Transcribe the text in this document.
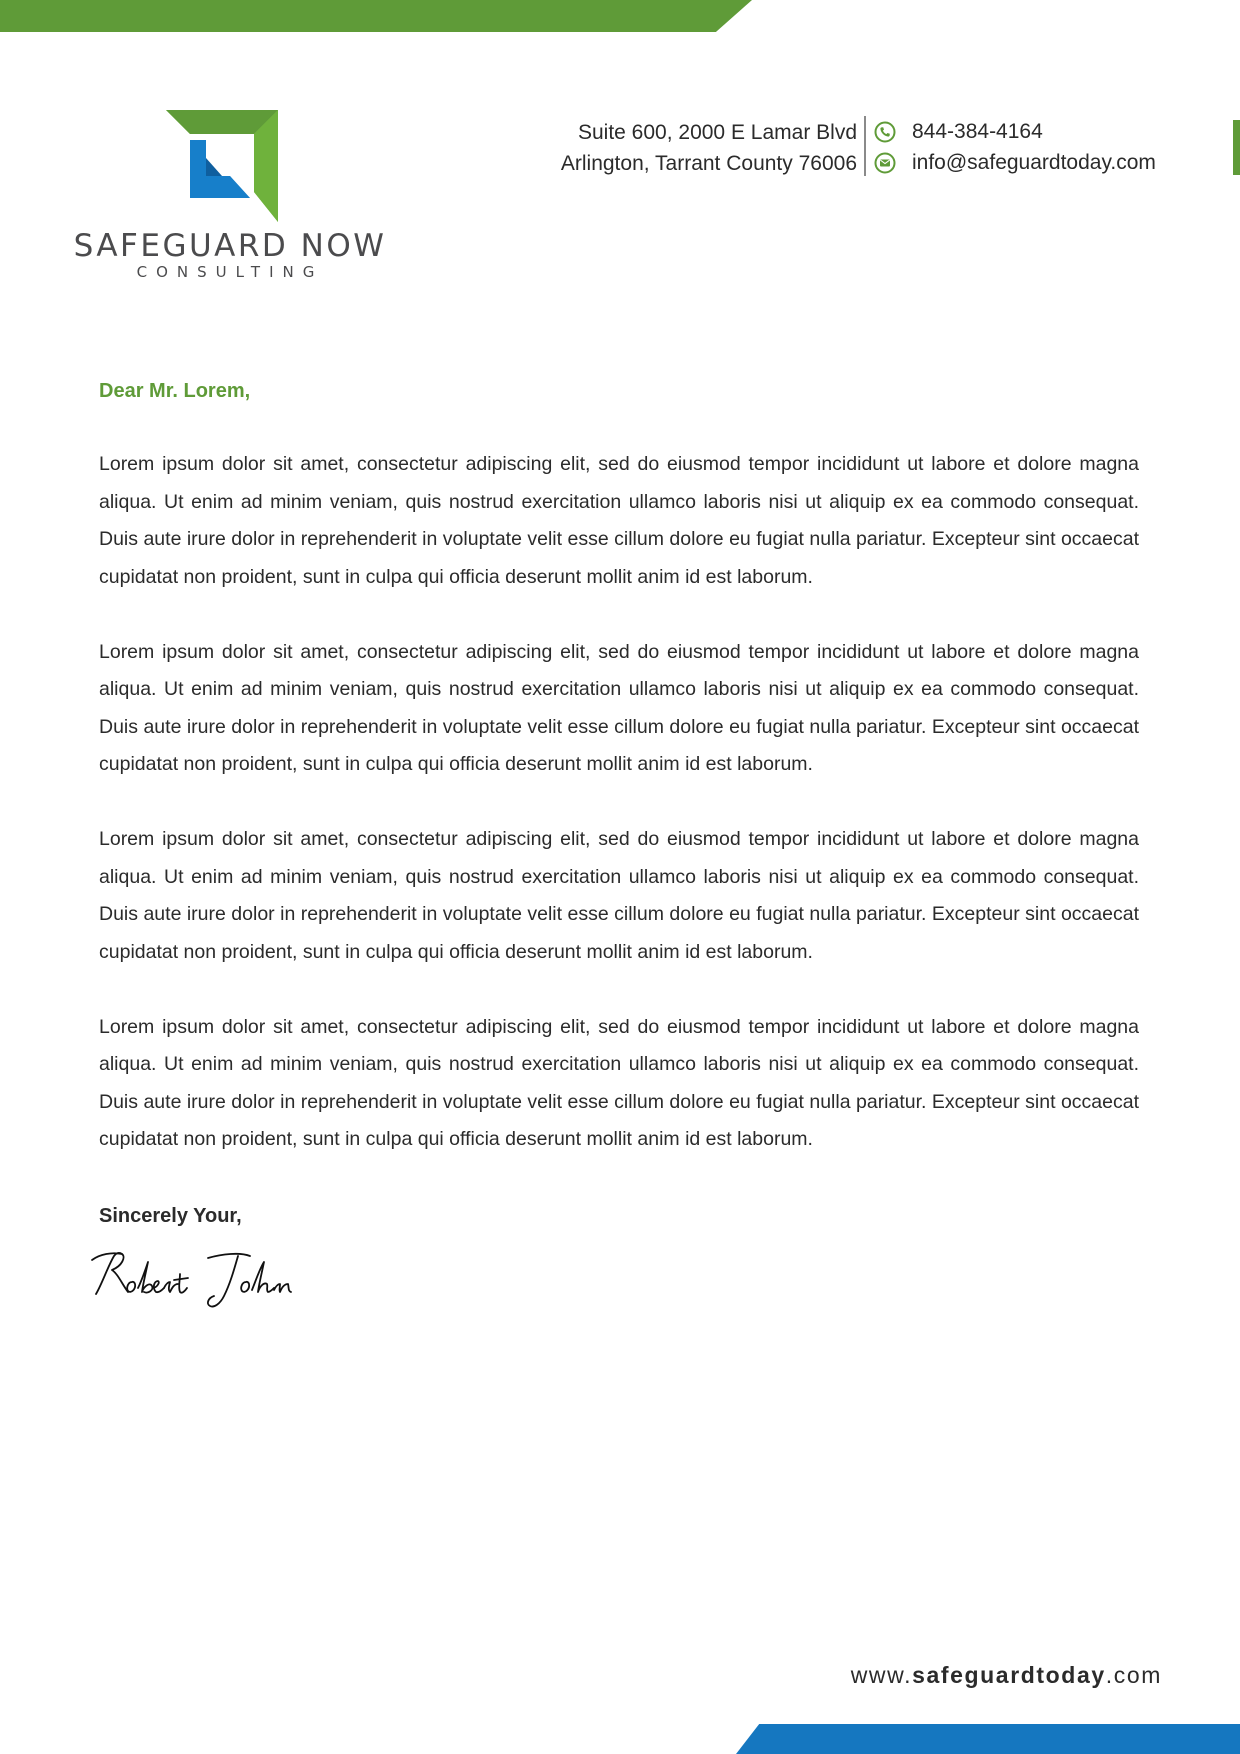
SAFEGUARD NOW
CONSULTING
Suite 600, 2000 E Lamar Blvd
Arlington, Tarrant County 76006
844-384-4164
info@safeguardtoday.com
Dear Mr. Lorem,

Lorem ipsum dolor sit amet, consectetur adipiscing elit, sed do eiusmod tempor incididunt ut labore et dolore magna aliqua. Ut enim ad minim veniam, quis nostrud exercitation ullamco laboris nisi ut aliquip ex ea commodo consequat. Duis aute irure dolor in reprehenderit in voluptate velit esse cillum dolore eu fugiat nulla pariatur. Excepteur sint occaecat cupidatat non proident, sunt in culpa qui officia deserunt mollit anim id est laborum.

Lorem ipsum dolor sit amet, consectetur adipiscing elit, sed do eiusmod tempor incididunt ut labore et dolore magna aliqua. Ut enim ad minim veniam, quis nostrud exercitation ullamco laboris nisi ut aliquip ex ea commodo consequat. Duis aute irure dolor in reprehenderit in voluptate velit esse cillum dolore eu fugiat nulla pariatur. Excepteur sint occaecat cupidatat non proident, sunt in culpa qui officia deserunt mollit anim id est laborum.

Lorem ipsum dolor sit amet, consectetur adipiscing elit, sed do eiusmod tempor incididunt ut labore et dolore magna aliqua. Ut enim ad minim veniam, quis nostrud exercitation ullamco laboris nisi ut aliquip ex ea commodo consequat. Duis aute irure dolor in reprehenderit in voluptate velit esse cillum dolore eu fugiat nulla pariatur. Excepteur sint occaecat cupidatat non proident, sunt in culpa qui officia deserunt mollit anim id est laborum.

Lorem ipsum dolor sit amet, consectetur adipiscing elit, sed do eiusmod tempor incididunt ut labore et dolore magna aliqua. Ut enim ad minim veniam, quis nostrud exercitation ullamco laboris nisi ut aliquip ex ea commodo consequat. Duis aute irure dolor in reprehenderit in voluptate velit esse cillum dolore eu fugiat nulla pariatur. Excepteur sint occaecat cupidatat non proident, sunt in culpa qui officia deserunt mollit anim id est laborum.

Sincerely Your,
www.safeguardtoday.com
